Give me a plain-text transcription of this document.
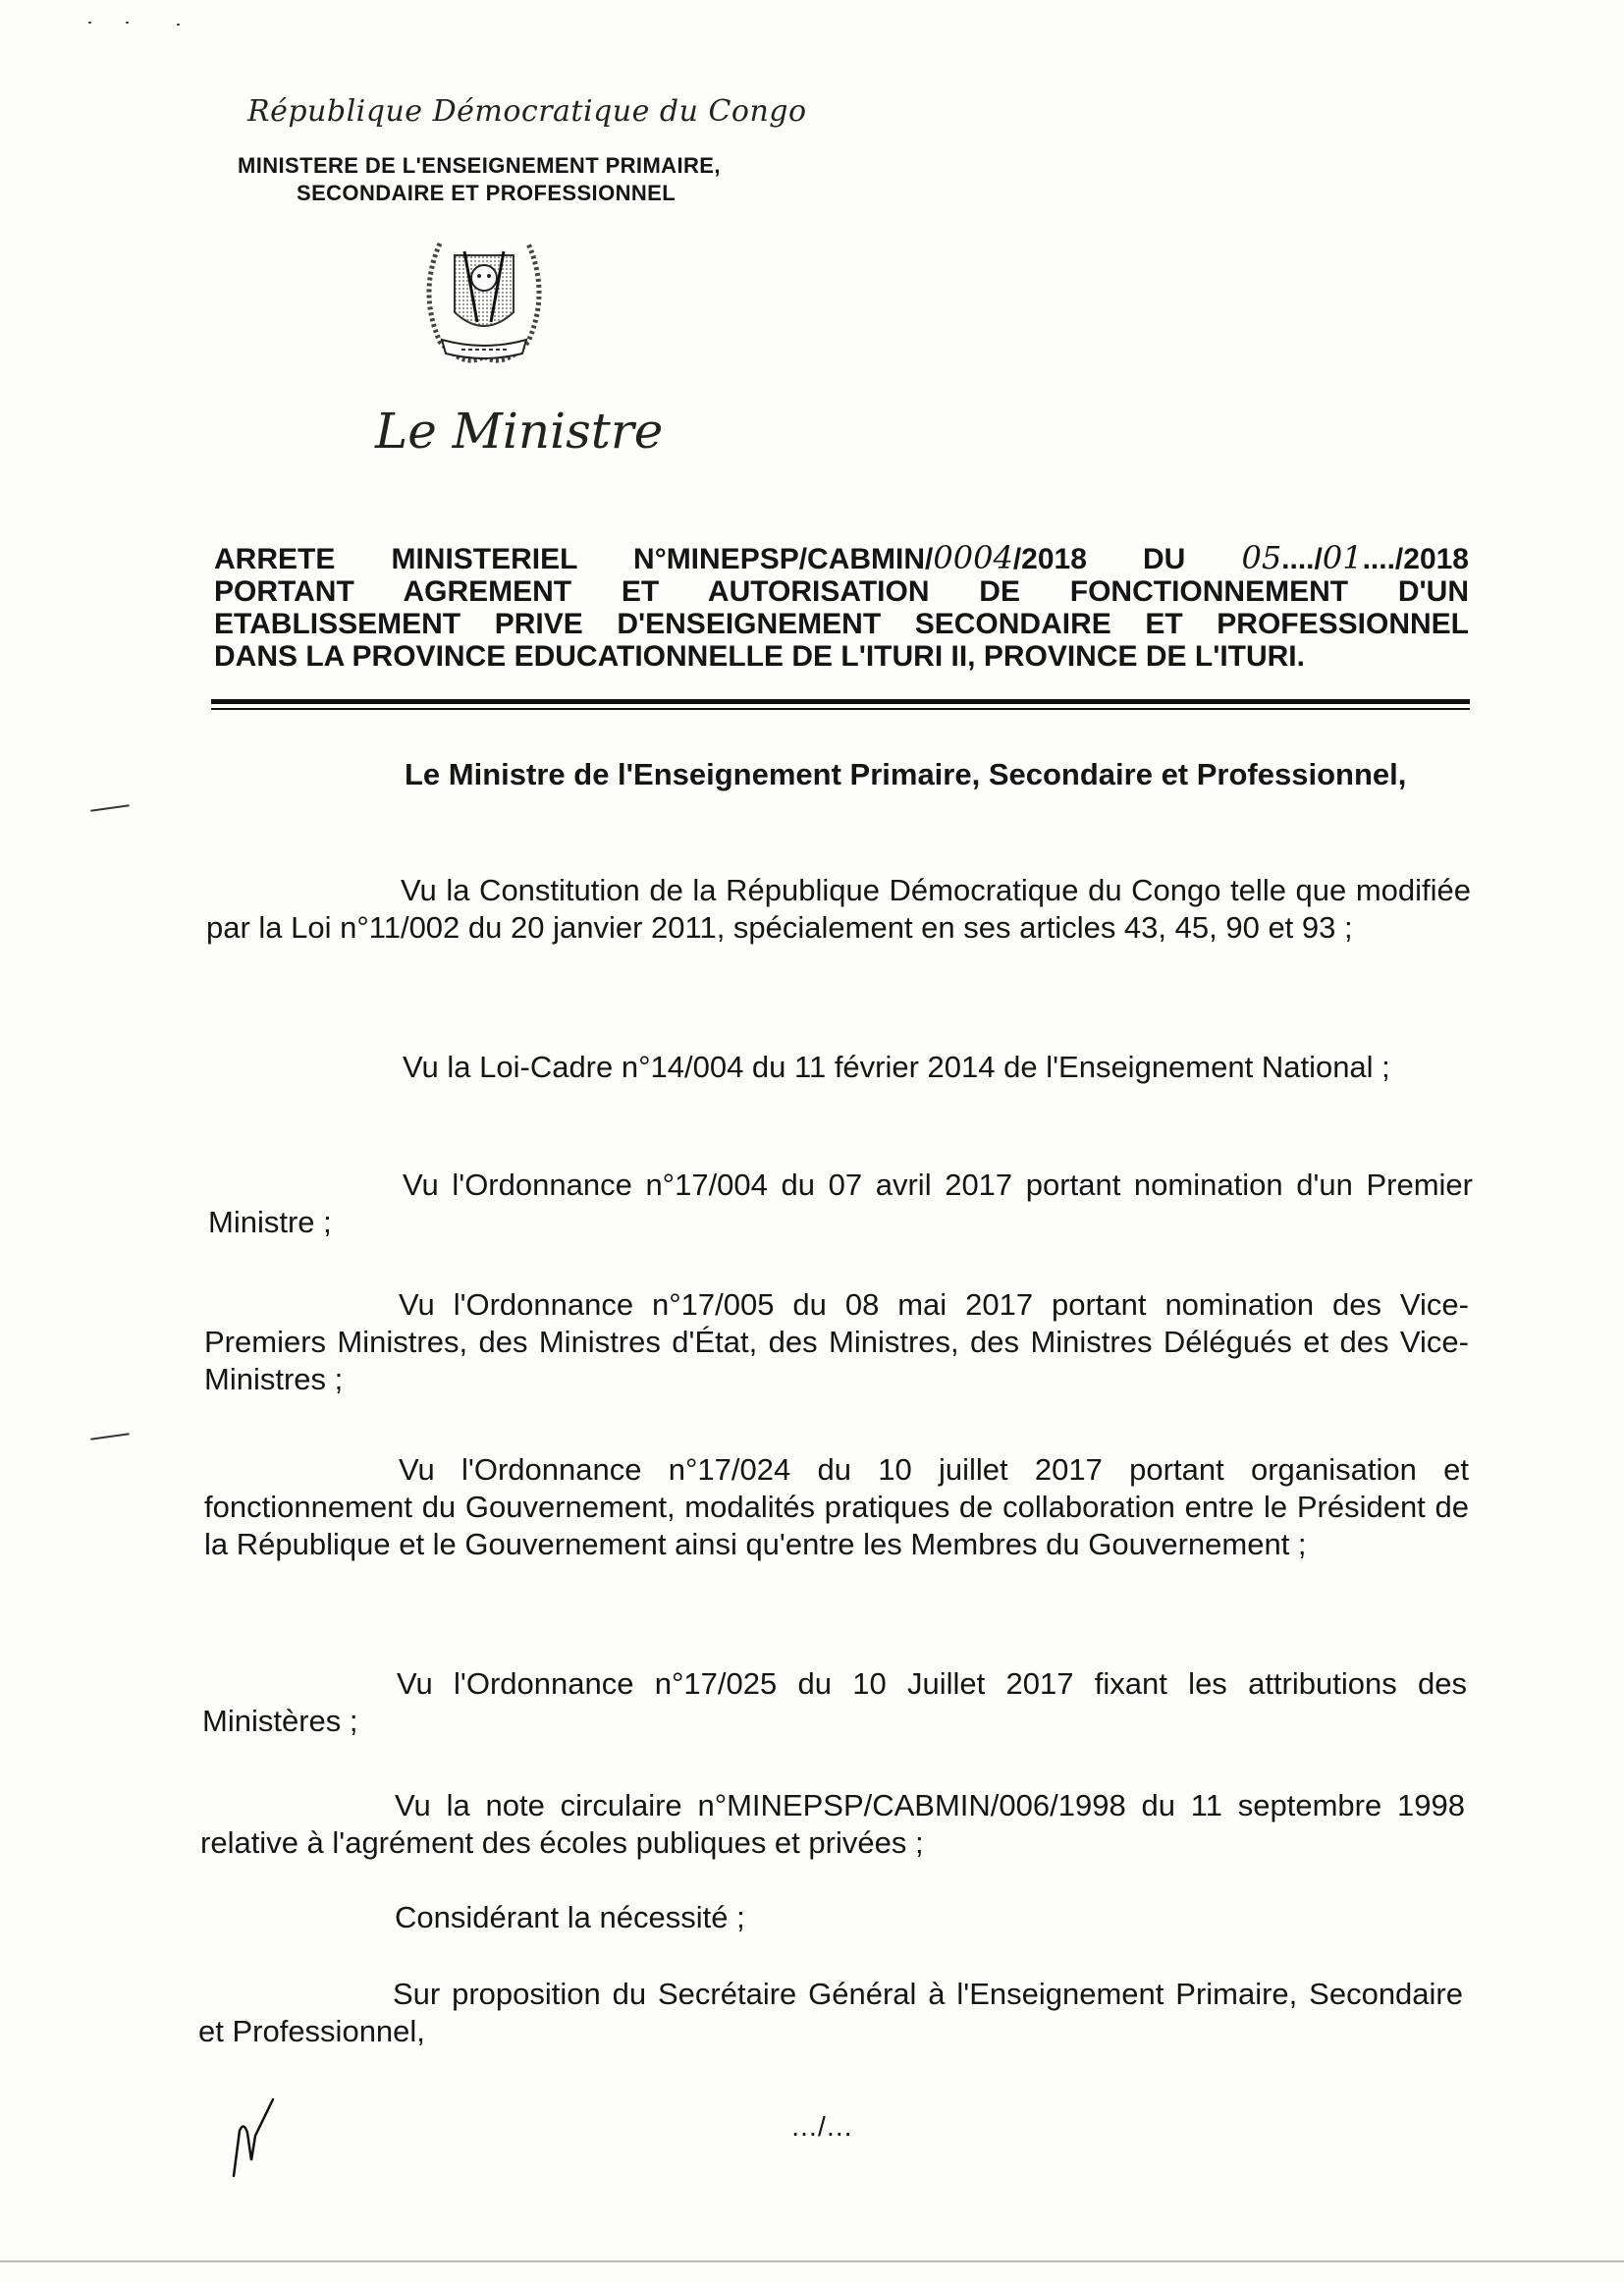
République Démocratique du Congo
MINISTERE DE L'ENSEIGNEMENT PRIMAIRE,
SECONDAIRE ET PROFESSIONNEL
Le Ministre
ARRETE MINISTERIEL N°MINEPSP/CABMIN/0004/2018 DU 05..../01..../2018
PORTANT AGREMENT ET AUTORISATION DE FONCTIONNEMENT D'UN
ETABLISSEMENT PRIVE D'ENSEIGNEMENT SECONDAIRE ET PROFESSIONNEL
DANS LA PROVINCE EDUCATIONNELLE DE L'ITURI II, PROVINCE DE L'ITURI.
Le Ministre de l'Enseignement Primaire, Secondaire et Professionnel,
Vu la Constitution de la République Démocratique du Congo telle que modifiée par la Loi n°11/002 du 20 janvier 2011, spécialement en ses articles 43, 45, 90 et 93 ;
Vu la Loi-Cadre n°14/004 du 11 février 2014 de l'Enseignement National ;
Vu l'Ordonnance n°17/004 du 07 avril 2017 portant nomination d'un Premier Ministre ;
Vu l'Ordonnance n°17/005 du 08 mai 2017 portant nomination des Vice-Premiers Ministres, des Ministres d'État, des Ministres, des Ministres Délégués et des Vice-Ministres ;
Vu l'Ordonnance n°17/024 du 10 juillet 2017 portant organisation et fonctionnement du Gouvernement, modalités pratiques de collaboration entre le Président de la République et le Gouvernement ainsi qu'entre les Membres du Gouvernement ;
Vu l'Ordonnance n°17/025 du 10 Juillet 2017 fixant les attributions des Ministères ;
Vu la note circulaire n°MINEPSP/CABMIN/006/1998 du 11 septembre 1998 relative à l'agrément des écoles publiques et privées ;
Considérant la nécessité ;
Sur proposition du Secrétaire Général à l'Enseignement Primaire, Secondaire et Professionnel,
…/…
